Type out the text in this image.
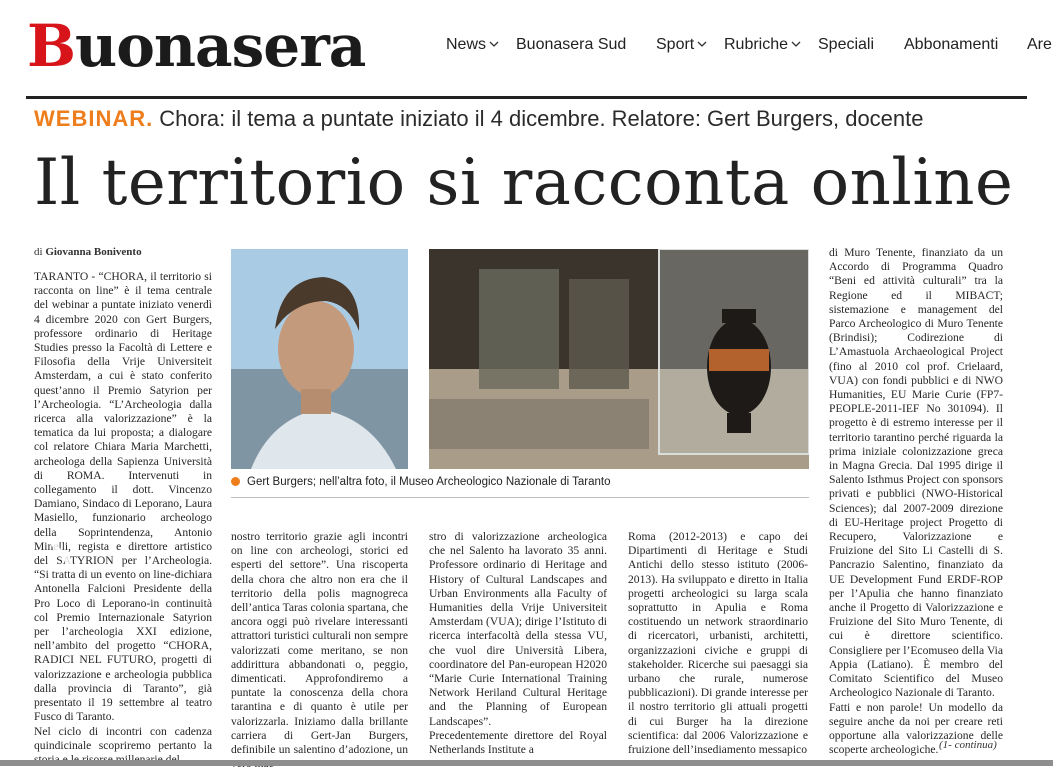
Buonasera	News	Buonasera Sud Sport	Rubriche	Speciali Abbonamenti Are
WEBINAR. Chora: il tema a puntate iniziato il 4 dicembre. Relatore: Gert Burgers, docente
Il territorio si racconta online
di Giovanna Bonivento

TARANTO - “CHORA, il territorio si racconta on line” è il tema centrale del webinar a puntate iniziato venerdì 4 dicembre 2020 con Gert Burgers, professore ordinario di Heritage Studies presso la Facoltà di Lettere e Filosofia della Vrije Universiteit Amsterdam, a cui è stato conferito quest’anno il Premio Satyrion per l’Archeologia. “L’Archeologia dalla ricerca alla valorizzazione” è la tematica da lui proposta; a dialogare col relatore Chiara Maria Marchetti, archeologa della Sapienza Università di ROMA. Intervenuti in collegamento il dott. Vincenzo Damiano, Sindaco di Leporano, Laura Masiello, funzionario archeologo della Soprintendenza, Antonio Minelli, regista e direttore artistico del SATYRION per l’Archeologia. “Si tratta di un evento on line-dichiara Antonella Falcioni Presidente della Pro Loco di Leporano-in continuità col Premio Internazionale Satyrion per l’archeologia XXI edizione, nell’ambito del progetto “CHORA, RADICI NEL FUTURO, progetti di valorizzazione e archeologia pubblica dalla provincia di Taranto”, già presentato il 19 settembre al teatro Fusco di Taranto.

Nel ciclo di incontri con cadenza quindicinale scopriremo pertanto la

Gert Burgers; nell’altra foto, il Museo Archeologico Nazionale di Taranto

nostro territorio grazie agli incontri on line con archeologi, storici ed esperti del settore”. Una riscoperta della chora che altro non era che il territorio della polis magnogreca dell’antica Taras colonia spartana, che ancora oggi può rivelare interessanti attrattori turistici culturali non sempre valorizzati come meritano, se non addirittura abbandonati o, peggio, dimenticati. Approfondiremo a puntate la conoscenza della chora tarantina e di quanto è utile per valorizzarla. Iniziamo dalla brillante carriera di Gert-Jan Burgers, definibile un salentino d’adozione, un

stro di valorizzazione archeologica che nel Salento ha lavorato 35 anni. Professore ordinario di Heritage and History of Cultural Landscapes and Urban Environments alla Faculty of Humanities della Vrije Universiteit Amsterdam (VUA); dirige l’Istituto di ricerca interfacoltà della stessa VU, che vuol dire Università Libera, coordinatore del Pan-european H2020 “Marie Curie International Training Network Heriland Cultural Heritage and the Planning of European Landscapes”.

Precedentemente direttore del Royal Netherlands Institute a

Roma (2012-2013) e capo dei Dipartimenti di Heritage e Studi Antichi dello stesso istituto (2006-2013). Ha sviluppato e diretto in Italia progetti archeologici su larga scala soprattutto in Apulia e Roma costituendo un network straordinario di ricercatori, urbanisti, architetti, organizzazioni civiche e gruppi di stakeholder. Ricerche sui paesaggi sia urbano che rurale, numerose pubblicazioni). Di grande interesse per il nostro territorio gli attuali progetti di cui Burger ha la direzione scientifica: dal 2006 Valorizzazione e fruizione dell’insediamento messapico

di Muro Tenente, finanziato da un Accordo di Programma Quadro “Beni ed attività culturali” tra la Regione ed il MIBACT; sistemazione e management del Parco Archeologico di Muro Tenente (Brindisi); Codirezione di L’Amastuola Archaeological Project (fino al 2010 col prof. Crielaard, VUA) con fondi pubblici e di NWO Humanities, EU Marie Curie (FP7-PEOPLE-2011-IEF No 301094). Il progetto è di estremo interesse per il territorio tarantino perché riguarda la prima iniziale colonizzazione greca in Magna Grecia. Dal 1995 dirige il Salento Isthmus Project con sponsors privati e pubblici (NWO-Historical Sciences); dal 2007-2009 direzione di EU-Heritage project Progetto di Recupero, Valorizzazione e Fruizione del Sito Li Castelli di S. Pancrazio Salentino, finanziato da UE Development Fund ERDF-ROP per l’Apulia che hanno finanziato anche il Progetto di Valorizzazione e Fruizione del Sito Muro Tenente, di cui è direttore scientifico. Consigliere per l’Ecomuseo della Via Appia (Latiano). È membro del Comitato Scientifico del Museo Archeologico Nazionale di Taranto.

Fatti e non parole! Un modello da seguire anche da noi per creare reti opportune alla valorizzazione delle scoperte archeologiche. (1- continua)
